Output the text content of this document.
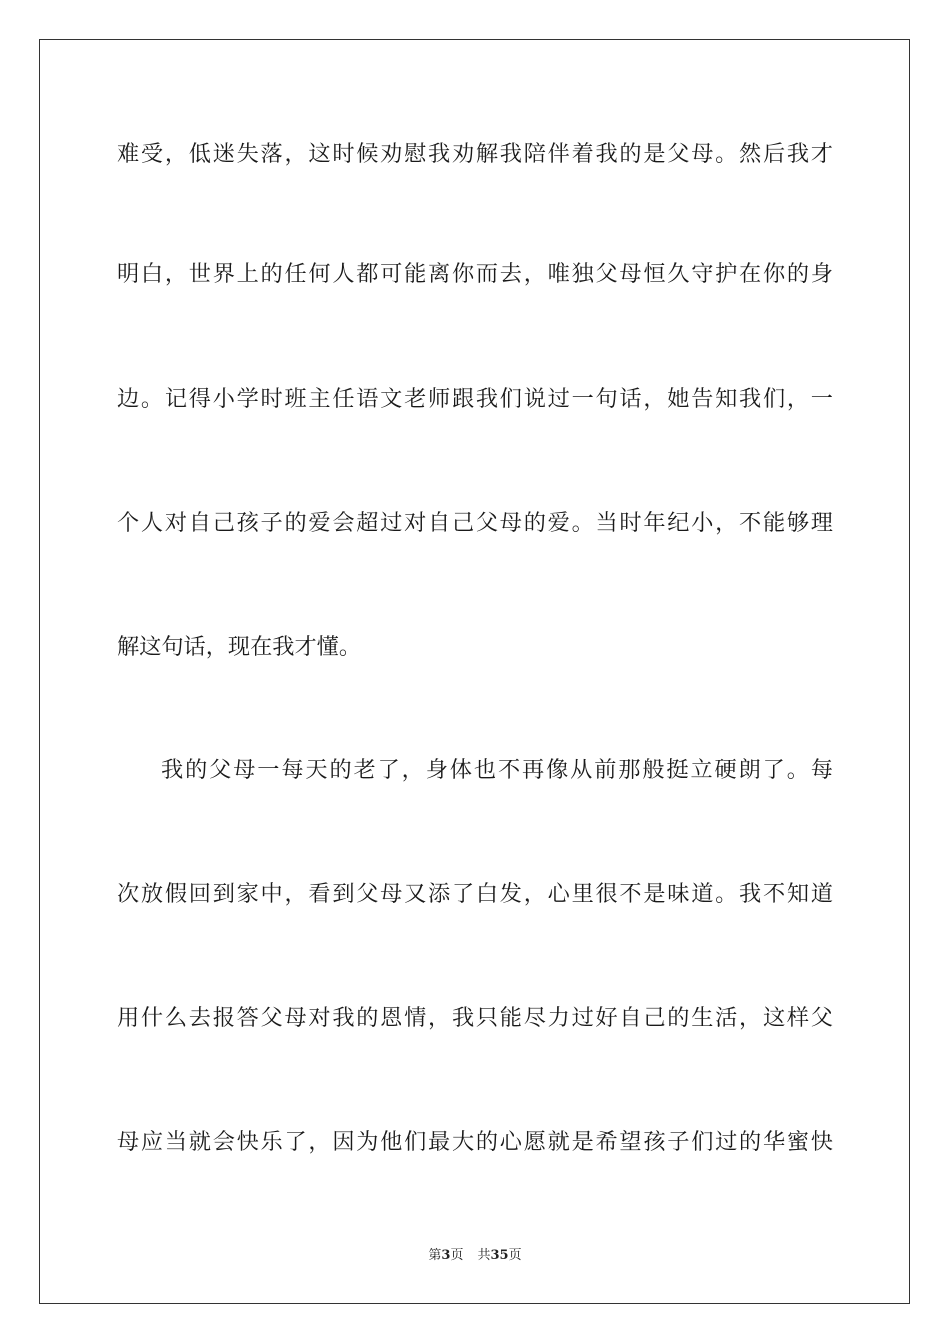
难受，低迷失落，这时候劝慰我劝解我陪伴着我的是父母。然后我才
明白，世界上的任何人都可能离你而去，唯独父母恒久守护在你的身
边。记得小学时班主任语文老师跟我们说过一句话，她告知我们，一
个人对自己孩子的爱会超过对自己父母的爱。当时年纪小，不能够理
解这句话，现在我才懂。
我的父母一每天的老了，身体也不再像从前那般挺立硬朗了。每
次放假回到家中，看到父母又添了白发，心里很不是味道。我不知道
用什么去报答父母对我的恩情，我只能尽力过好自己的生活，这样父
母应当就会快乐了，因为他们最大的心愿就是希望孩子们过的华蜜快
第3页 共35页
